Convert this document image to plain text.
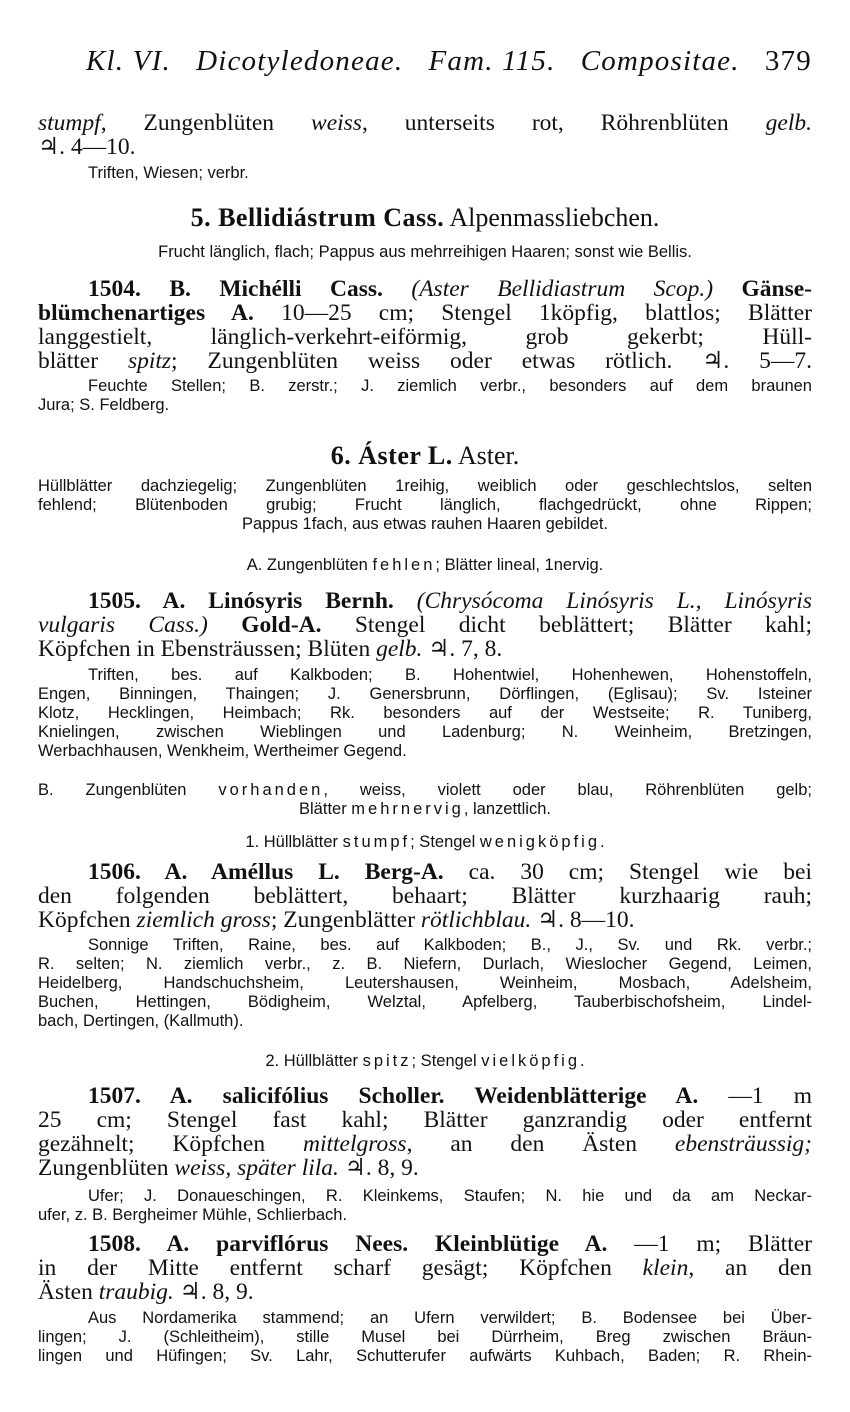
Kl. VI. Dicotyledoneae. Fam. 115. Compositae. 379
stumpf, Zungenblüten weiss, unterseits rot, Röhrenblüten gelb.
♃. 4—10.
Triften, Wiesen; verbr.
5. Bellidiástrum Cass. Alpenmassliebchen.
Frucht länglich, flach; Pappus aus mehrreihigen Haaren; sonst wie Bellis.
1504. B. Michélli Cass. (Aster Bellidiastrum Scop.) Gänse-
blümchenartiges A. 10—25 cm; Stengel 1köpfig, blattlos; Blätter
langgestielt, länglich-verkehrt-eiförmig, grob gekerbt; Hüll-
blätter spitz; Zungenblüten weiss oder etwas rötlich. ♃. 5—7.
Feuchte Stellen; B. zerstr.; J. ziemlich verbr., besonders auf dem braunen
Jura; S. Feldberg.
6. Áster L. Aster.
Hüllblätter dachziegelig; Zungenblüten 1reihig, weiblich oder geschlechtslos, selten
fehlend; Blütenboden grubig; Frucht länglich, flachgedrückt, ohne Rippen;
Pappus 1fach, aus etwas rauhen Haaren gebildet.
A. Zungenblüten fehlen; Blätter lineal, 1nervig.
1505. A. Linósyris Bernh. (Chrysócoma Linósyris L., Linósyris
vulgaris Cass.) Gold-A. Stengel dicht beblättert; Blätter kahl;
Köpfchen in Ebensträussen; Blüten gelb. ♃. 7, 8.
Triften, bes. auf Kalkboden; B. Hohentwiel, Hohenhewen, Hohenstoffeln,
Engen, Binningen, Thaingen; J. Genersbrunn, Dörflingen, (Eglisau); Sv. Isteiner
Klotz, Hecklingen, Heimbach; Rk. besonders auf der Westseite; R. Tuniberg,
Knielingen, zwischen Wieblingen und Ladenburg; N. Weinheim, Bretzingen,
Werbachhausen, Wenkheim, Wertheimer Gegend.
B. Zungenblüten vorhanden, weiss, violett oder blau, Röhrenblüten gelb;
Blätter mehrnervig, lanzettlich.
1. Hüllblätter stumpf; Stengel wenigköpfig.
1506. A. Améllus L. Berg-A. ca. 30 cm; Stengel wie bei
den folgenden beblättert, behaart; Blätter kurzhaarig rauh;
Köpfchen ziemlich gross; Zungenblätter rötlichblau. ♃. 8—10.
Sonnige Triften, Raine, bes. auf Kalkboden; B., J., Sv. und Rk. verbr.;
R. selten; N. ziemlich verbr., z. B. Niefern, Durlach, Wieslocher Gegend, Leimen,
Heidelberg, Handschuchsheim, Leutershausen, Weinheim, Mosbach, Adelsheim,
Buchen, Hettingen, Bödigheim, Welztal, Apfelberg, Tauberbischofsheim, Lindel-
bach, Dertingen, (Kallmuth).
2. Hüllblätter spitz; Stengel vielköpfig.
1507. A. salicifólius Scholler. Weidenblätterige A. —1 m
25 cm; Stengel fast kahl; Blätter ganzrandig oder entfernt
gezähnelt; Köpfchen mittelgross, an den Ästen ebensträussig;
Zungenblüten weiss, später lila. ♃. 8, 9.
Ufer; J. Donaueschingen, R. Kleinkems, Staufen; N. hie und da am Neckar-
ufer, z. B. Bergheimer Mühle, Schlierbach.
1508. A. parviflórus Nees. Kleinblütige A. —1 m; Blätter
in der Mitte entfernt scharf gesägt; Köpfchen klein, an den
Ästen traubig. ♃. 8, 9.
Aus Nordamerika stammend; an Ufern verwildert; B. Bodensee bei Über-
lingen; J. (Schleitheim), stille Musel bei Dürrheim, Breg zwischen Bräun-
lingen und Hüfingen; Sv. Lahr, Schutterufer aufwärts Kuhbach, Baden; R. Rhein-
